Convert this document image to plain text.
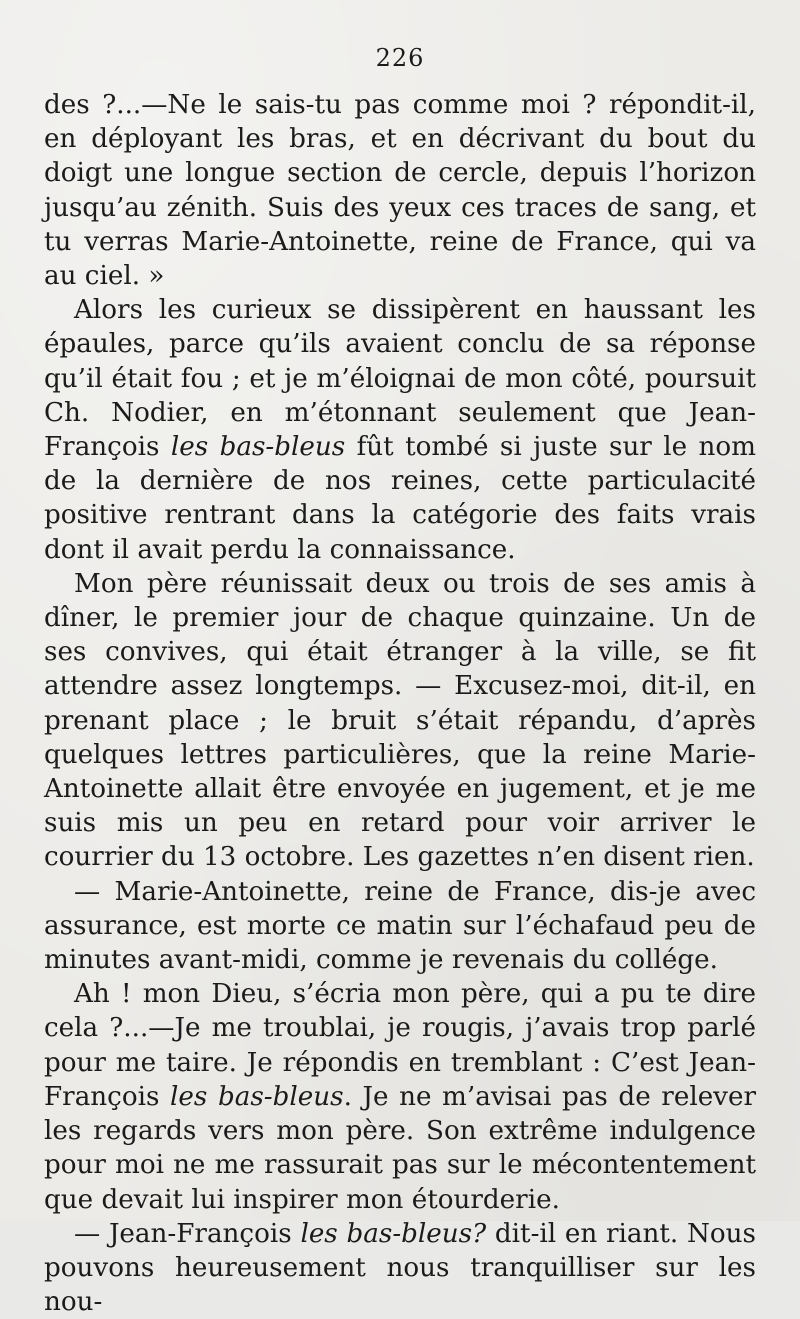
226

des ?...—Ne le sais-tu pas comme moi ? répondit-il, en déployant les bras, et en décrivant du bout du doigt une longue section de cercle, depuis l’horizon jusqu’au zénith. Suis des yeux ces traces de sang, et tu verras Marie-Antoinette, reine de France, qui va au ciel. »

Alors les curieux se dissipèrent en haussant les épaules, parce qu’ils avaient conclu de sa réponse qu’il était fou ; et je m’éloignai de mon côté, poursuit Ch. Nodier, en m’étonnant seulement que Jean-François les bas-bleus fût tombé si juste sur le nom de la dernière de nos reines, cette particulacité positive rentrant dans la catégorie des faits vrais dont il avait perdu la connaissance.

Mon père réunissait deux ou trois de ses amis à dîner, le premier jour de chaque quinzaine. Un de ses convives, qui était étranger à la ville, se fit attendre assez longtemps. — Excusez-moi, dit-il, en prenant place ; le bruit s’était répandu, d’après quelques lettres particulières, que la reine Marie-Antoinette allait être envoyée en jugement, et je me suis mis un peu en retard pour voir arriver le courrier du 13 octobre. Les gazettes n’en disent rien.

— Marie-Antoinette, reine de France, dis-je avec assurance, est morte ce matin sur l’échafaud peu de minutes avant-midi, comme je revenais du collége.

Ah ! mon Dieu, s’écria mon père, qui a pu te dire cela ?...—Je me troublai, je rougis, j’avais trop parlé pour me taire. Je répondis en tremblant : C’est Jean-François les bas-bleus. Je ne m’avisai pas de relever les regards vers mon père. Son extrême indulgence pour moi ne me rassurait pas sur le mécontentement que devait lui inspirer mon étourderie.

— Jean-François les bas-bleus? dit-il en riant. Nous pouvons heureusement nous tranquilliser sur les nou-
